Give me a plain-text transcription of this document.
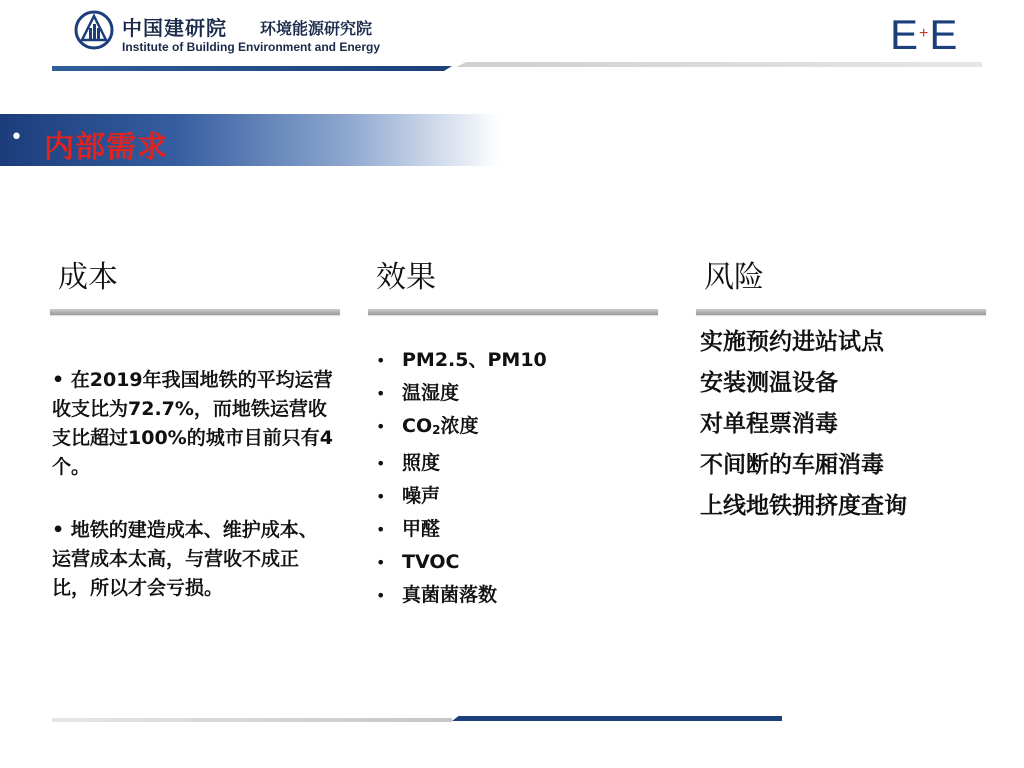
中国建研院 环境能源研究院
Institute of Building Environment and Energy	E+E
• 内部需求
成本

• 在2019年我国地铁的平均运营收支比为72.7%，而地铁运营收支比超过100%的城市目前只有4个。

• 地铁的建造成本、维护成本、运营成本太高，与营收不成正比，所以才会亏损。

效果
• PM2.5、PM10
• 温湿度
• $CO_2$浓度
• 照度
• 噪声
• 甲醛
• TVOC
• 真菌菌落数
风险
实施预约进站试点
安装测温设备
对单程票消毒
不间断的车厢消毒
上线地铁拥挤度查询
